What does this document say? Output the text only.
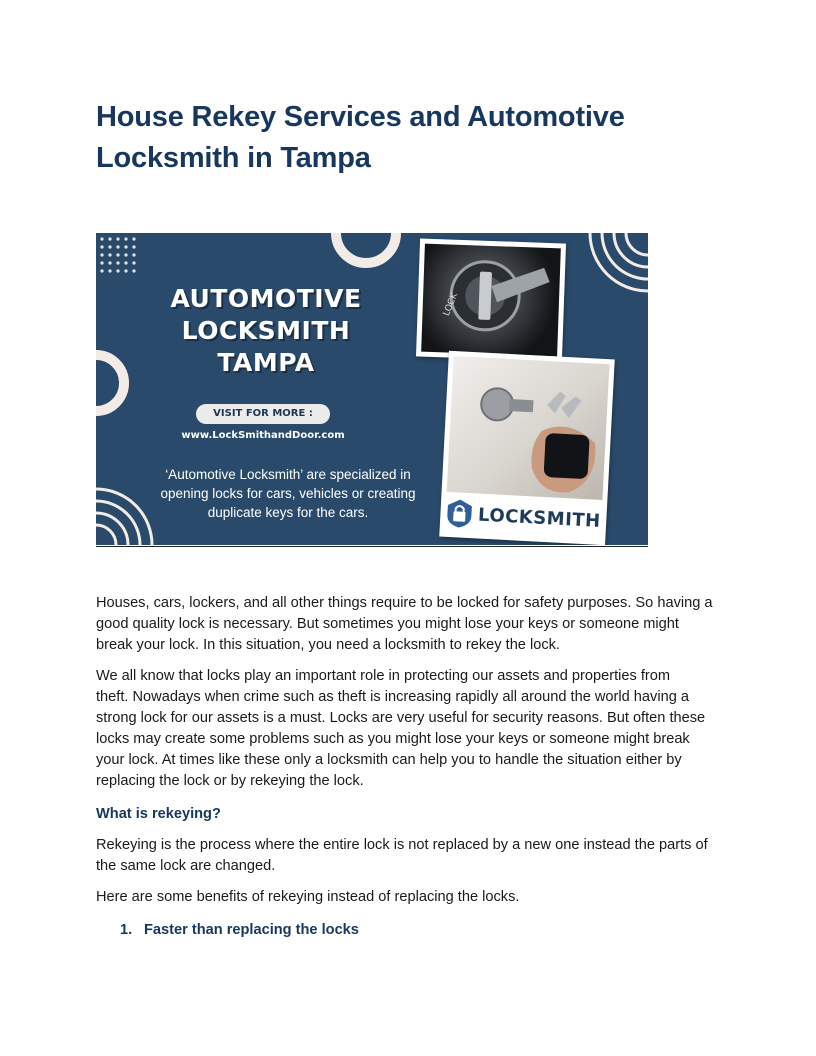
House Rekey Services and Automotive
Locksmith in Tampa
AUTOMOTIVE
LOCKSMITH
TAMPA
VISIT FOR MORE :
www.LockSmithandDoor.com
‘Automotive Locksmith’ are specialized in
opening locks for cars, vehicles or creating
duplicate keys for the cars.
LOCK
LOCKSMITH

Houses, cars, lockers, and all other things require to be locked for safety purposes. So having a
good quality lock is necessary. But sometimes you might lose your keys or someone might
break your lock. In this situation, you need a locksmith to rekey the lock.

We all know that locks play an important role in protecting our assets and properties from
theft. Nowadays when crime such as theft is increasing rapidly all around the world having a
strong lock for our assets is a must. Locks are very useful for security reasons. But often these
locks may create some problems such as you might lose your keys or someone might break
your lock. At times like these only a locksmith can help you to handle the situation either by
replacing the lock or by rekeying the lock.

What is rekeying?

Rekeying is the process where the entire lock is not replaced by a new one instead the parts of
the same lock are changed.

Here are some benefits of rekeying instead of replacing the locks.

1. Faster than replacing the locks
